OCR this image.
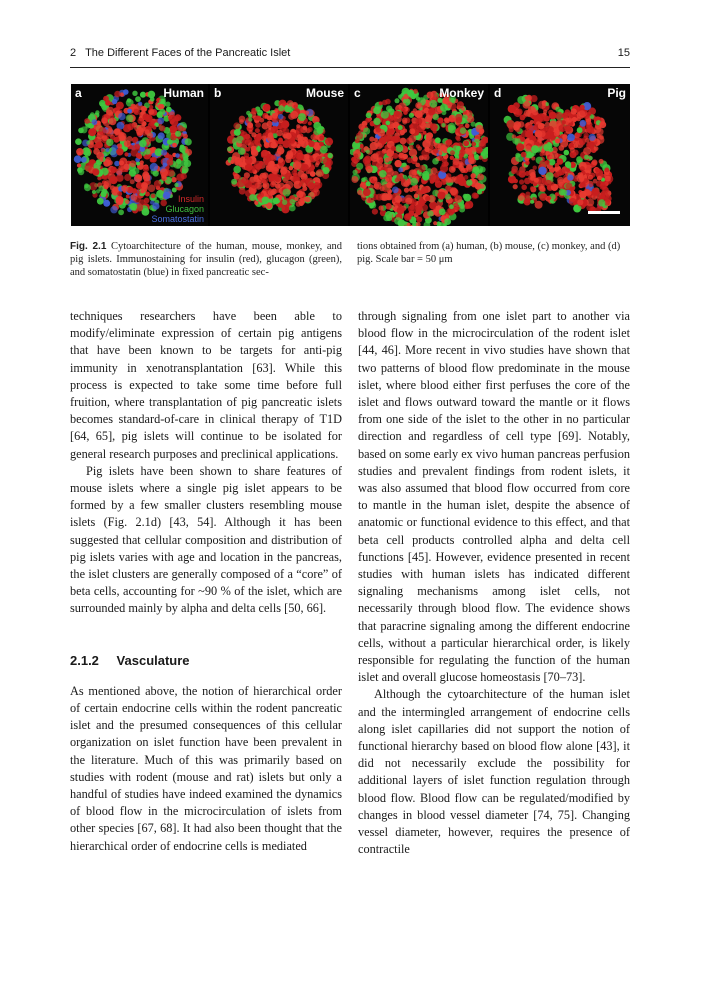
2   The Different Faces of the Pancreatic Islet	15
a	Human
Insulin
Glucagon
Somatostatin
b	Mouse c	Monkey d	Pig
Fig. 2.1 Cytoarchitecture of the human, mouse, monkey, and pig islets. Immunostaining for insulin (red), glucagon (green), and somatostatin (blue) in fixed pancreatic sec-
tions obtained from (a) human, (b) mouse, (c) monkey, and (d) pig. Scale bar = 50 μm

techniques researchers have been able to modify/eliminate expression of certain pig antigens that have been known to be targets for anti-pig immunity in xenotransplantation [63]. While this process is expected to take some time before full fruition, where transplantation of pig pancreatic islets becomes standard-of-care in clinical therapy of T1D [64, 65], pig islets will continue to be isolated for general research purposes and preclinical applications.

Pig islets have been shown to share features of mouse islets where a single pig islet appears to be formed by a few smaller clusters resembling mouse islets (Fig. 2.1d) [43, 54]. Although it has been suggested that cellular composition and distribution of pig islets varies with age and location in the pancreas, the islet clusters are generally composed of a “core” of beta cells, accounting for ~90 % of the islet, which are surrounded mainly by alpha and delta cells [50, 66].

2.1.2 Vasculature

As mentioned above, the notion of hierarchical order of certain endocrine cells within the rodent pancreatic islet and the presumed consequences of this cellular organization on islet function have been prevalent in the literature. Much of this was primarily based on studies with rodent (mouse and rat) islets but only a handful of studies have indeed examined the dynamics of blood flow in the microcirculation of islets from other species [67, 68]. It had also been thought that the hierarchical order of endocrine cells is mediated

through signaling from one islet part to another via blood flow in the microcirculation of the rodent islet [44, 46]. More recent in vivo studies have shown that two patterns of blood flow predominate in the mouse islet, where blood either first perfuses the core of the islet and flows outward toward the mantle or it flows from one side of the islet to the other in no particular direction and regardless of cell type [69]. Notably, based on some early ex vivo human pancreas perfusion studies and prevalent findings from rodent islets, it was also assumed that blood flow occurred from core to mantle in the human islet, despite the absence of anatomic or functional evidence to this effect, and that beta cell products controlled alpha and delta cell functions [45]. However, evidence presented in recent studies with human islets has indicated different signaling mechanisms among islet cells, not necessarily through blood flow. The evidence shows that paracrine signaling among the different endocrine cells, without a particular hierarchical order, is likely responsible for regulating the function of the human islet and overall glucose homeostasis [70–73].

Although the cytoarchitecture of the human islet and the intermingled arrangement of endocrine cells along islet capillaries did not support the notion of functional hierarchy based on blood flow alone [43], it did not necessarily exclude the possibility for additional layers of islet function regulation through blood flow. Blood flow can be regulated/modified by changes in blood vessel diameter [74, 75]. Changing vessel diameter, however, requires the presence of contractile
